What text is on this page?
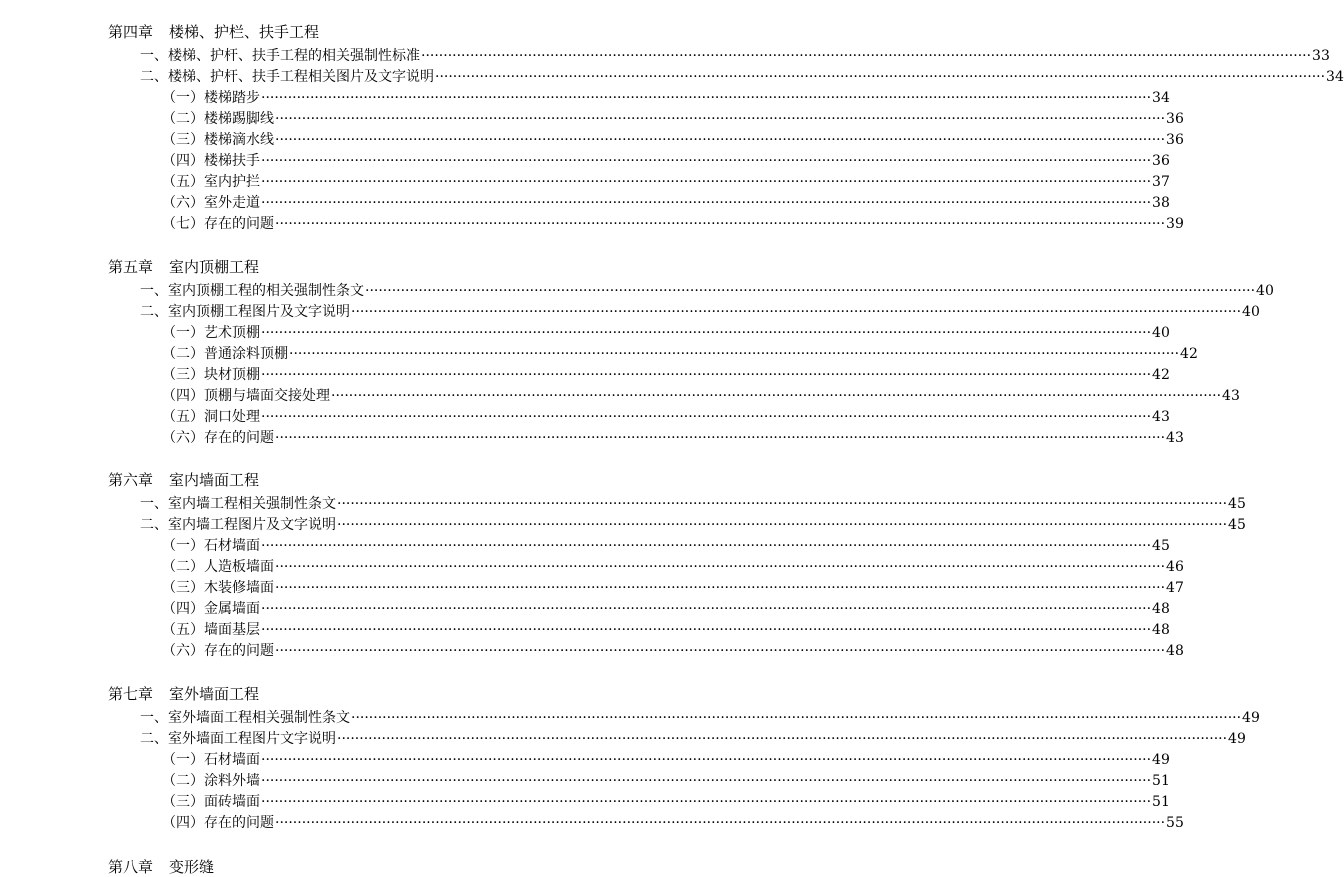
第四章 楼梯、护栏、扶手工程
一、楼梯、护杆、扶手工程的相关强制性标准 ········································································································································································································ 33
二、楼梯、护杆、扶手工程相关图片及文字说明 ········································································································································································································ 34
（一）楼梯踏步 ········································································································································································································ 34
（二）楼梯踢脚线 ········································································································································································································ 36
（三）楼梯滴水线 ········································································································································································································ 36
（四）楼梯扶手 ········································································································································································································ 36
（五）室内护拦 ········································································································································································································ 37
（六）室外走道 ········································································································································································································ 38
（七）存在的问题 ········································································································································································································ 39
第五章 室内顶棚工程
一、室内顶棚工程的相关强制性条文 ········································································································································································································ 40
二、室内顶棚工程图片及文字说明 ········································································································································································································ 40
（一）艺术顶棚 ········································································································································································································ 40
（二）普通涂料顶棚 ········································································································································································································ 42
（三）块材顶棚 ········································································································································································································ 42
（四）顶棚与墙面交接处理 ········································································································································································································ 43
（五）洞口处理 ········································································································································································································ 43
（六）存在的问题 ········································································································································································································ 43
第六章 室内墙面工程
一、室内墙工程相关强制性条文 ········································································································································································································ 45
二、室内墙工程图片及文字说明 ········································································································································································································ 45
（一）石材墙面 ········································································································································································································ 45
（二）人造板墙面 ········································································································································································································ 46
（三）木装修墙面 ········································································································································································································ 47
（四）金属墙面 ········································································································································································································ 48
（五）墙面基层 ········································································································································································································ 48
（六）存在的问题 ········································································································································································································ 48
第七章 室外墙面工程
一、室外墙面工程相关强制性条文 ········································································································································································································ 49
二、室外墙面工程图片文字说明 ········································································································································································································ 49
（一）石材墙面 ········································································································································································································ 49
（二）涂料外墙 ········································································································································································································ 51
（三）面砖墙面 ········································································································································································································ 51
（四）存在的问题 ········································································································································································································ 55
第八章 变形缝
